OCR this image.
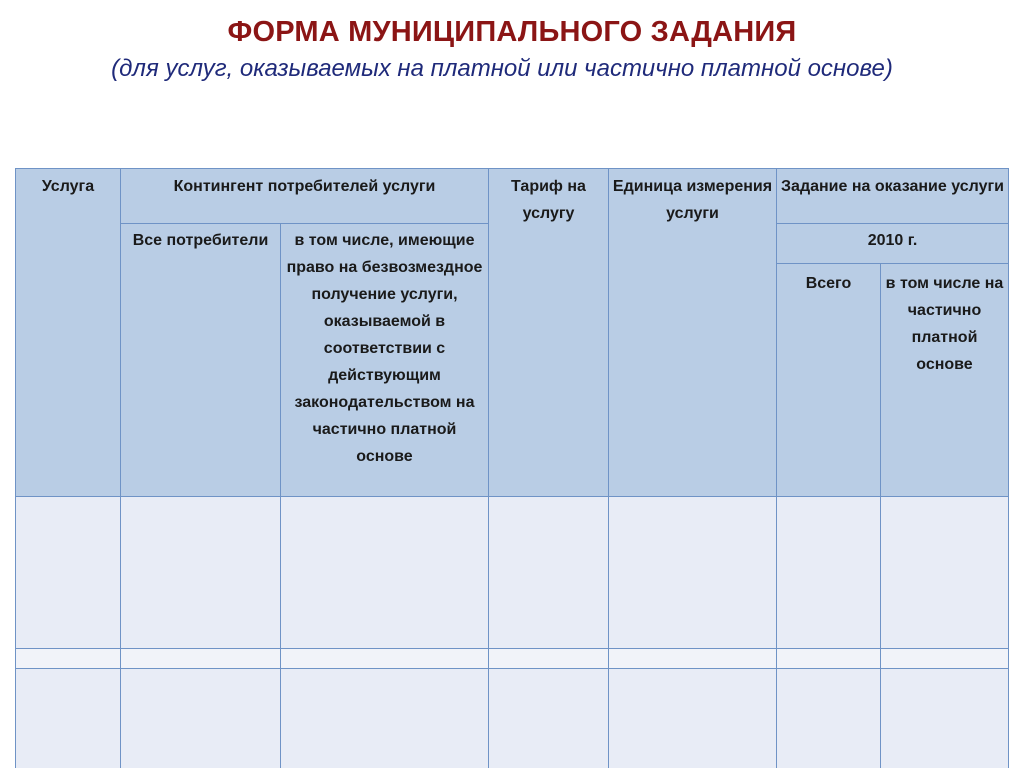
ФОРМА МУНИЦИПАЛЬНОГО ЗАДАНИЯ
(для услуг, оказываемых на платной или частично платной основе)
Услуга	Контингент потребителей услуги		Тариф на услугу	Единица измерения услуги	Задание на оказание услуги	
	Все потребители	в том числе, имеющие право на безвозмездное получение услуги, оказываемой в соответствии с действующим законодательством на частично платной основе			2010 г.	
					Всего	в том числе на частично платной основе
